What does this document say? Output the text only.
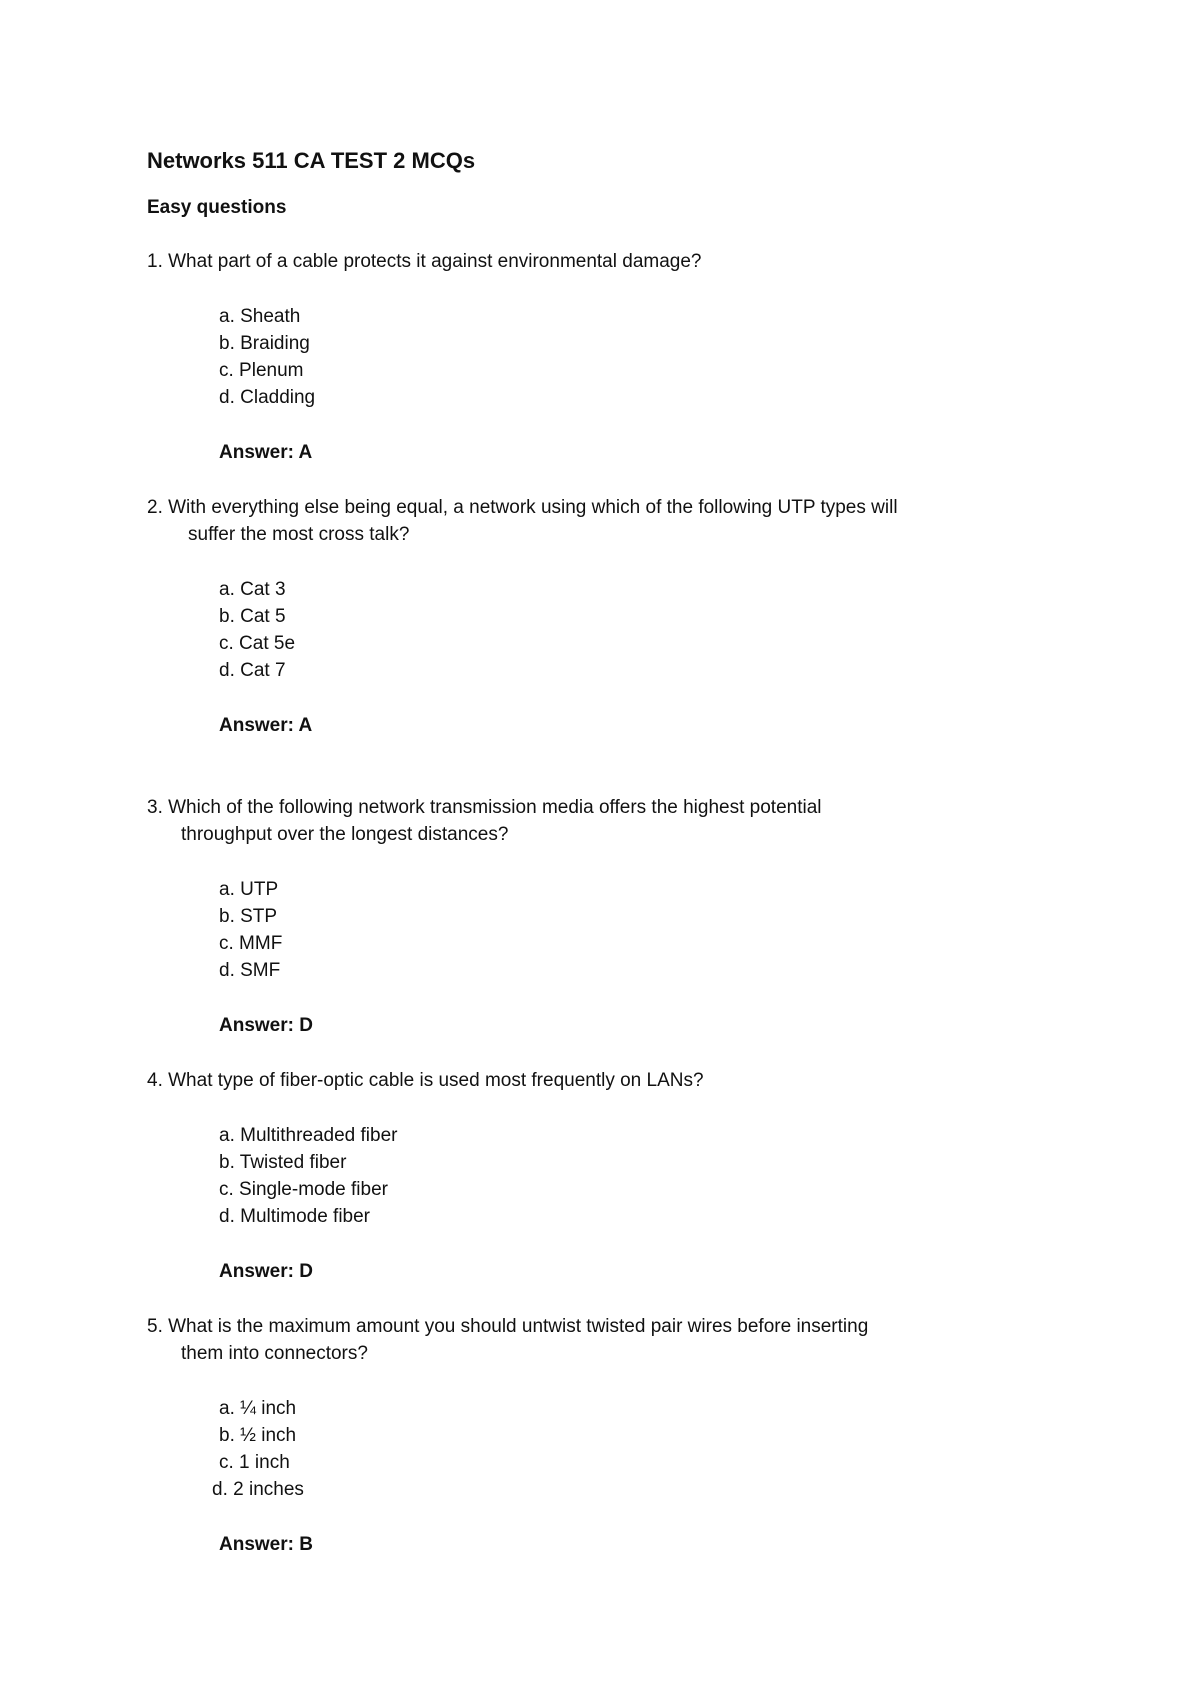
Networks 511 CA TEST 2 MCQs
Easy questions
1. What part of a cable protects it against environmental damage?
a. Sheath
b. Braiding
c. Plenum
d. Cladding
Answer: A
2. With everything else being equal, a network using which of the following UTP types will
suffer the most cross talk?
a. Cat 3
b. Cat 5
c. Cat 5e
d. Cat 7
Answer: A
3. Which of the following network transmission media offers the highest potential
throughput over the longest distances?
a. UTP
b. STP
c. MMF
d. SMF
Answer: D
4. What type of fiber-optic cable is used most frequently on LANs?
a. Multithreaded fiber
b. Twisted fiber
c. Single-mode fiber
d. Multimode fiber
Answer: D
5. What is the maximum amount you should untwist twisted pair wires before inserting
them into connectors?
a. ¼ inch
b. ½ inch
c. 1 inch
d. 2 inches
Answer: B
